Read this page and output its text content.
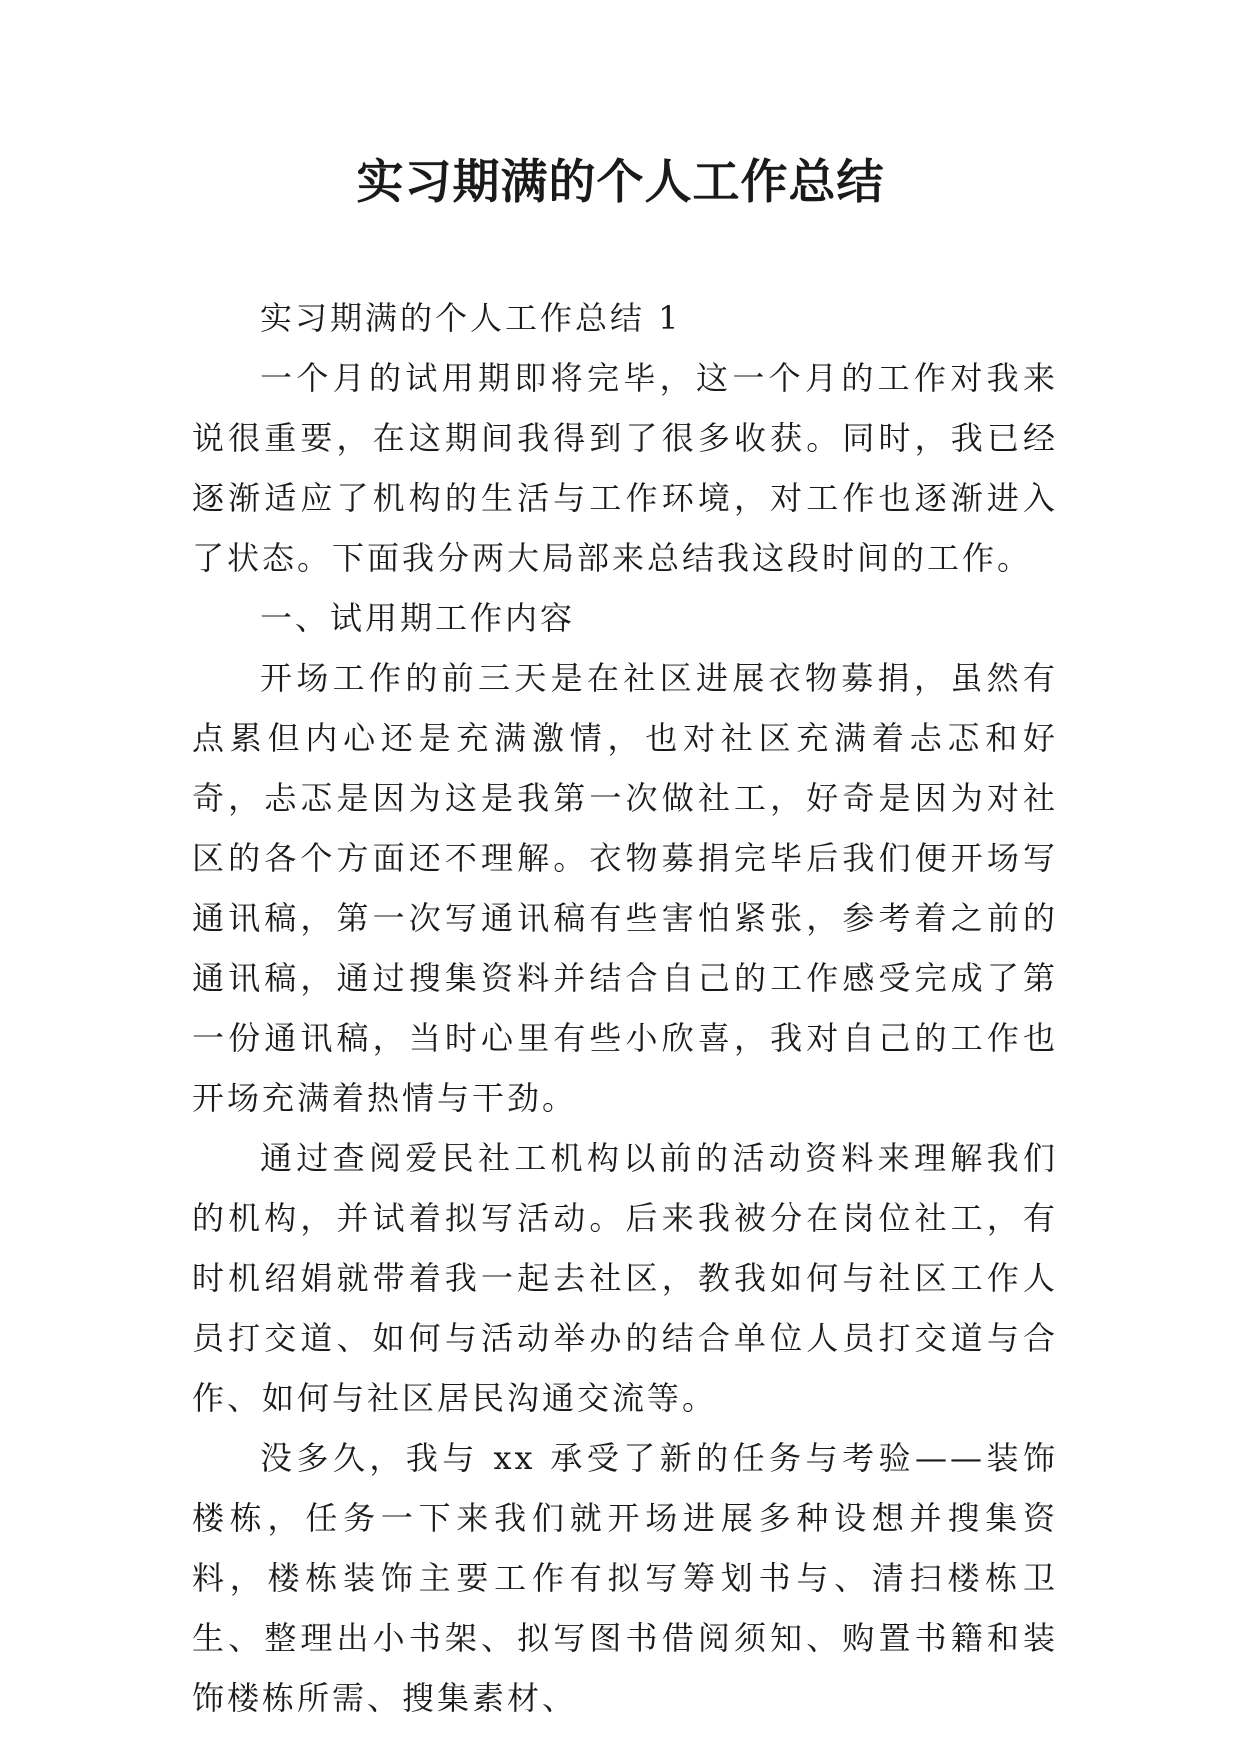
实习期满的个人工作总结

实习期满的个人工作总结 1

一个月的试用期即将完毕，这一个月的工作对我来说很重要，在这期间我得到了很多收获。同时，我已经逐渐适应了机构的生活与工作环境，对工作也逐渐进入了状态。下面我分两大局部来总结我这段时间的工作。

一、试用期工作内容

开场工作的前三天是在社区进展衣物募捐，虽然有点累但内心还是充满激情，也对社区充满着忐忑和好奇，忐忑是因为这是我第一次做社工，好奇是因为对社区的各个方面还不理解。衣物募捐完毕后我们便开场写通讯稿，第一次写通讯稿有些害怕紧张，参考着之前的通讯稿，通过搜集资料并结合自己的工作感受完成了第一份通讯稿，当时心里有些小欣喜，我对自己的工作也开场充满着热情与干劲。

通过查阅爱民社工机构以前的活动资料来理解我们的机构，并试着拟写活动。后来我被分在岗位社工，有时机绍娟就带着我一起去社区，教我如何与社区工作人员打交道、如何与活动举办的结合单位人员打交道与合作、如何与社区居民沟通交流等。

没多久，我与 xx 承受了新的任务与考验——装饰楼栋，任务一下来我们就开场进展多种设想并搜集资料，楼栋装饰主要工作有拟写筹划书与、清扫楼栋卫生、整理出小书架、拟写图书借阅须知、购置书籍和装饰楼栋所需、搜集素材、
